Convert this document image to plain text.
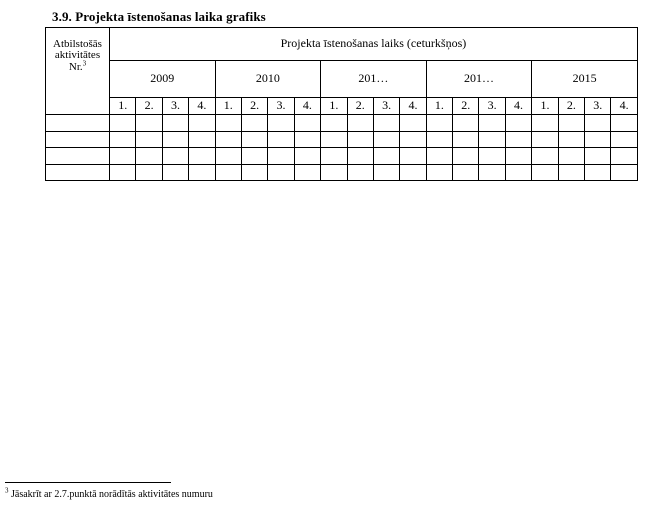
3.9. Projekta īstenošanas laika grafiks
Atbilstošās
aktivitātes
Nr.$^3$	Projekta īstenošanas laiks (ceturkšņos)																			
	2009				2010				201…				201…				2015			
	1.	2.	3.	4.	1.	2.	3.	4.	1.	2.	3.	4.	1.	2.	3.	4.	1.	2.	3.	4.

$^3$ Jāsakrīt ar 2.7.punktā norādītās aktivitātes numuru
